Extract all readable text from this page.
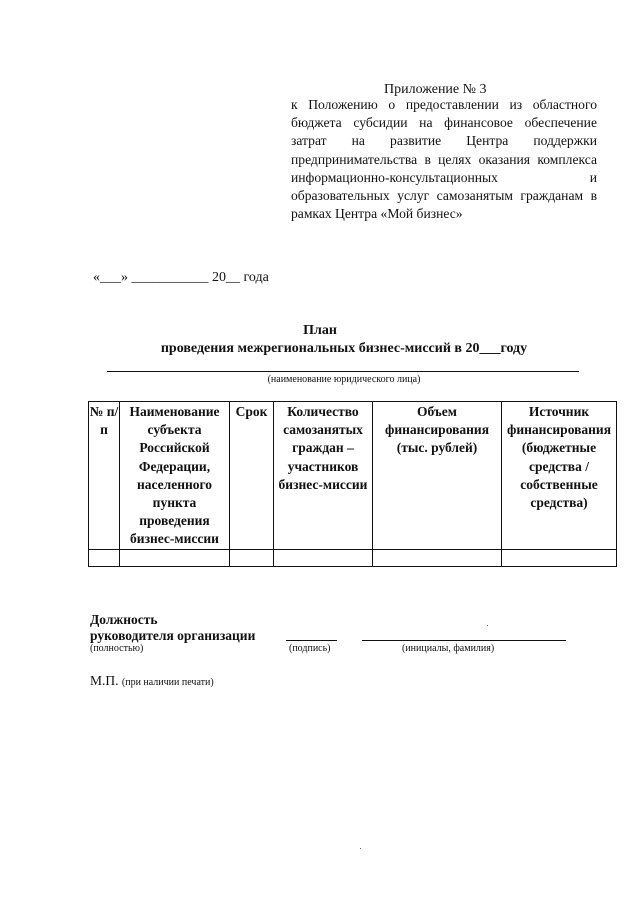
Приложение № 3
к Положению о предоставлении из областного бюджета субсидии на финансовое обеспечение затрат на развитие Центра поддержки предпринимательства в целях оказания комплекса информационно-консультационных и образовательных услуг самозанятым гражданам в рамках Центра «Мой бизнес»
«___» ___________ 20__ года
План
проведения межрегиональных бизнес-миссий в 20___году
(наименование юридического лица)
№ п/п	Наименование субъекта Российской Федерации, населенного пункта проведения бизнес-миссии	Срок	Количество самозанятых граждан – участников бизнес-миссии	Объем финансирования (тыс. рублей)	Источник финансирования (бюджетные средства / собственные средства)

Должность
руководителя организации
(полностью)	(подпись)	(инициалы, фамилия)
М.П. (при наличии печати)
